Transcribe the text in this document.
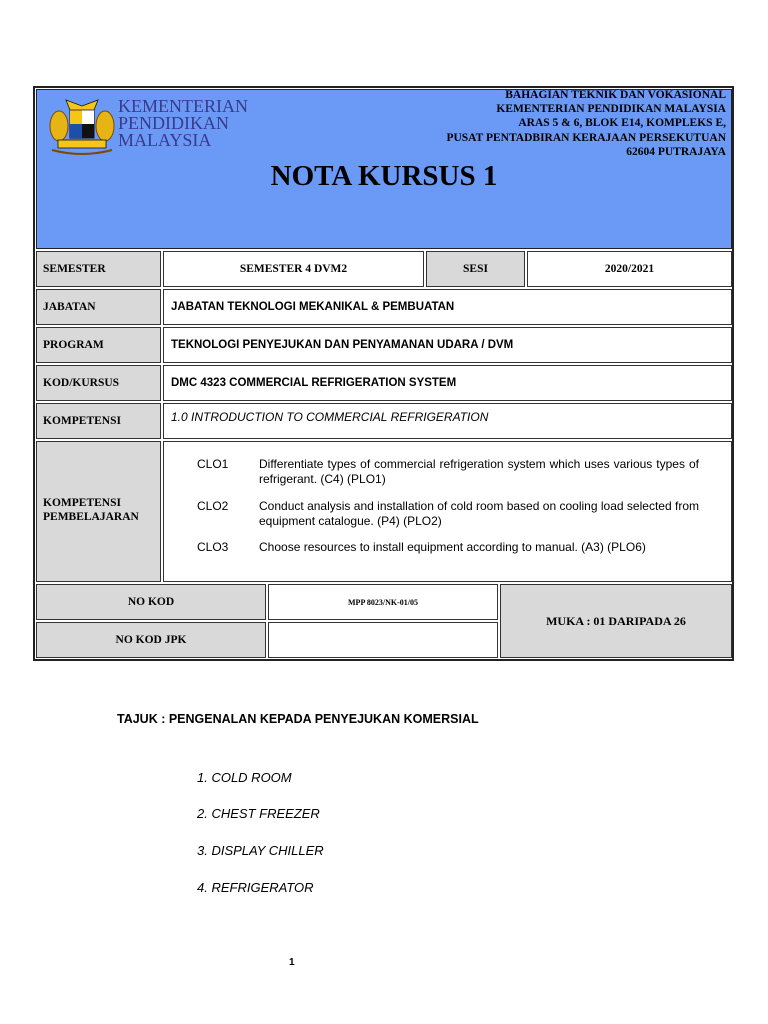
KEMENTERIAN
PENDIDIKAN
MALAYSIA
BAHAGIAN TEKNIK DAN VOKASIONAL
KEMENTERIAN PENDIDIKAN MALAYSIA
ARAS 5 & 6, BLOK E14, KOMPLEKS E,
PUSAT PENTADBIRAN KERAJAAN PERSEKUTUAN
62604 PUTRAJAYA
NOTA KURSUS 1
SEMESTER	SEMESTER 4 DVM2	SESI	2020/2021
JABATAN	JABATAN TEKNOLOGI MEKANIKAL & PEMBUATAN
PROGRAM	TEKNOLOGI PENYEJUKAN DAN PENYAMANAN UDARA / DVM
KOD/KURSUS	DMC 4323 COMMERCIAL REFRIGERATION SYSTEM
KOMPETENSI	1.0 INTRODUCTION TO COMMERCIAL REFRIGERATION
KOMPETENSI
PEMBELAJARAN
CLO1	Differentiate types of commercial refrigeration system which uses various types of refrigerant. (C4) (PLO1)
CLO2	Conduct analysis and installation of cold room based on cooling load selected from equipment catalogue. (P4) (PLO2)
CLO3	Choose resources to install equipment according to manual. (A3) (PLO6)
NO KOD	MPP 8023/NK-01/05
NO KOD JPK
MUKA : 01 DARIPADA 26
TAJUK : PENGENALAN KEPADA PENYEJUKAN KOMERSIAL
1. COLD ROOM
2. CHEST FREEZER
3. DISPLAY CHILLER
4. REFRIGERATOR
1
